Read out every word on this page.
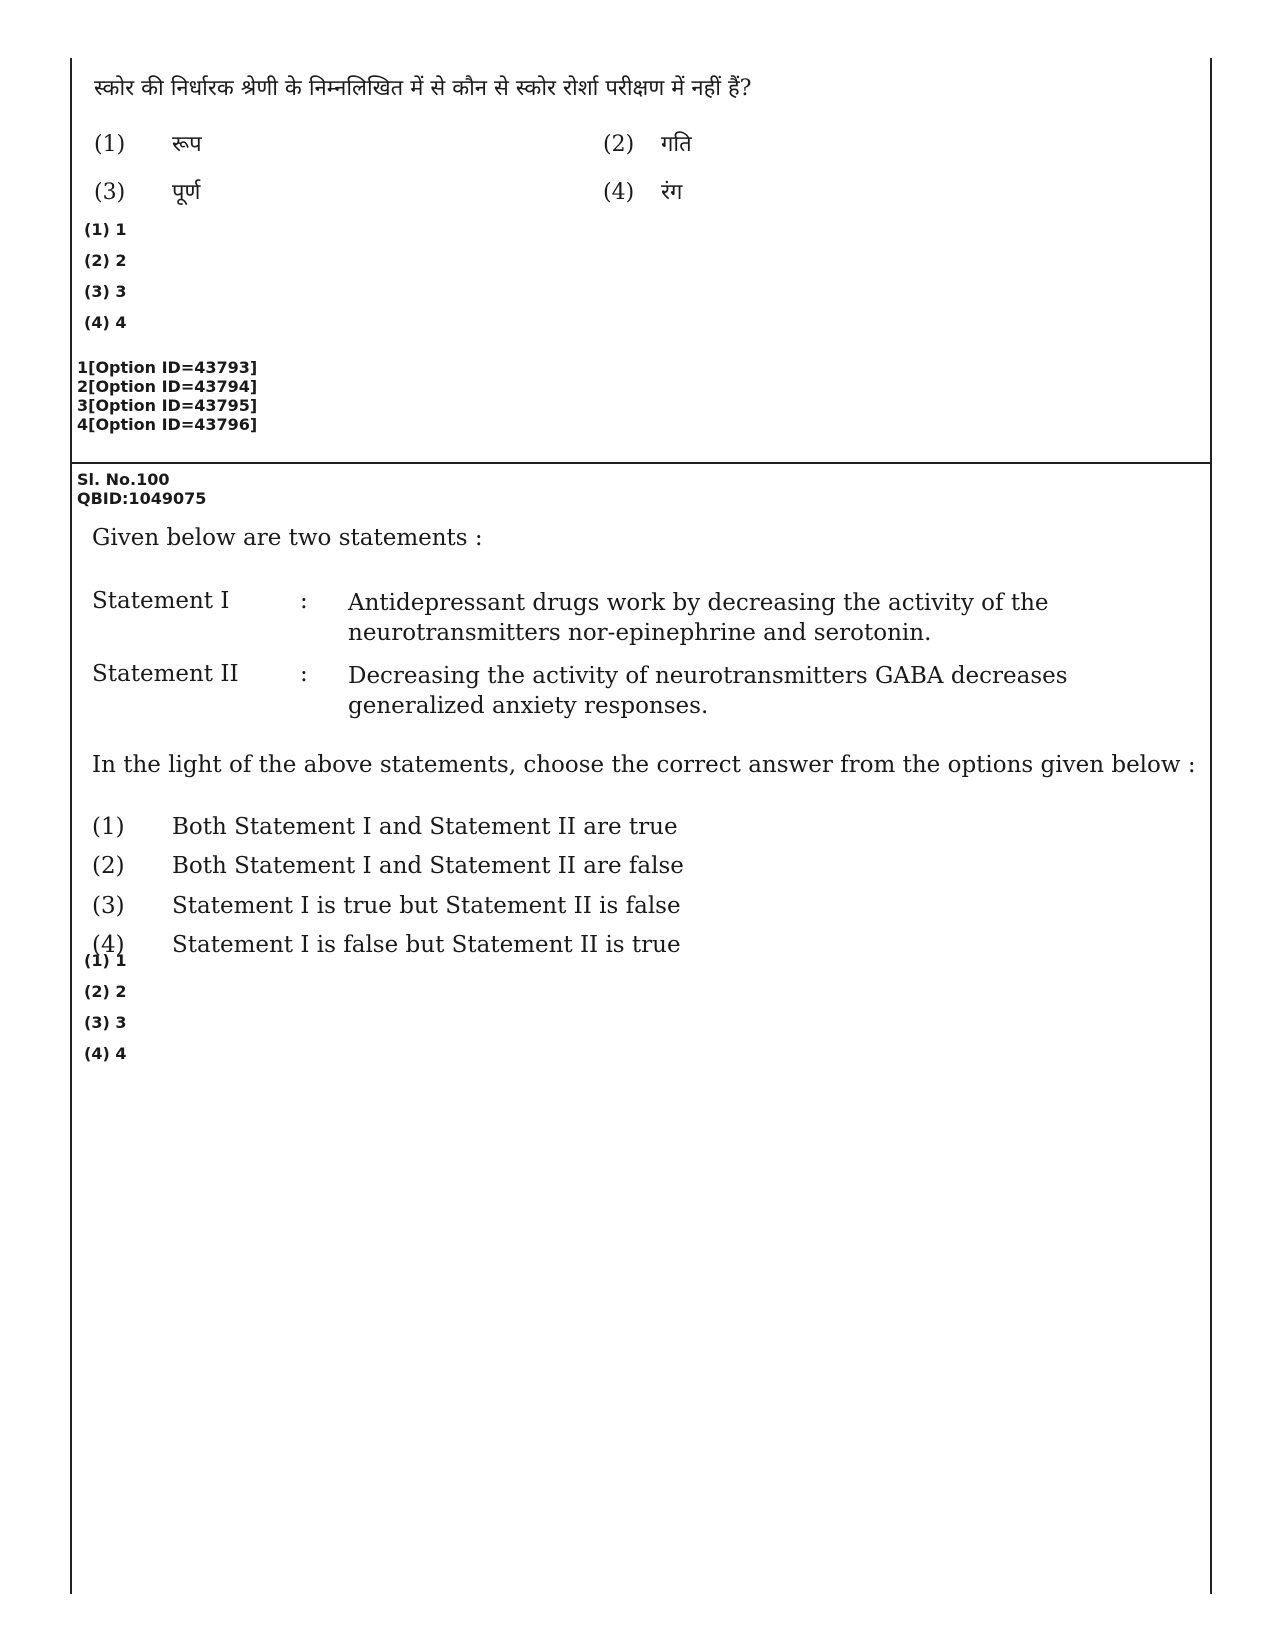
स्कोर की निर्धारक श्रेणी के निम्नलिखित में से कौन से स्कोर रोर्शा परीक्षण में नहीं हैं?
(1) रूप	(2) गति
(3) पूर्ण	(4) रंग
(1) 1
(2) 2
(3) 3
(4) 4
1[Option ID=43793]
2[Option ID=43794]
3[Option ID=43795]
4[Option ID=43796]
Sl. No.100
QBID:1049075
Given below are two statements :
Statement I	: Antidepressant drugs work by decreasing the activity of the
neurotransmitters nor-epinephrine and serotonin.
Statement II	: Decreasing the activity of neurotransmitters GABA decreases
generalized anxiety responses.
In the light of the above statements, choose the correct answer from the options given below :
(1) Both Statement I and Statement II are true
(2) Both Statement I and Statement II are false
(3) Statement I is true but Statement II is false
(4) Statement I is false but Statement II is true
(1) 1
(2) 2
(3) 3
(4) 4
